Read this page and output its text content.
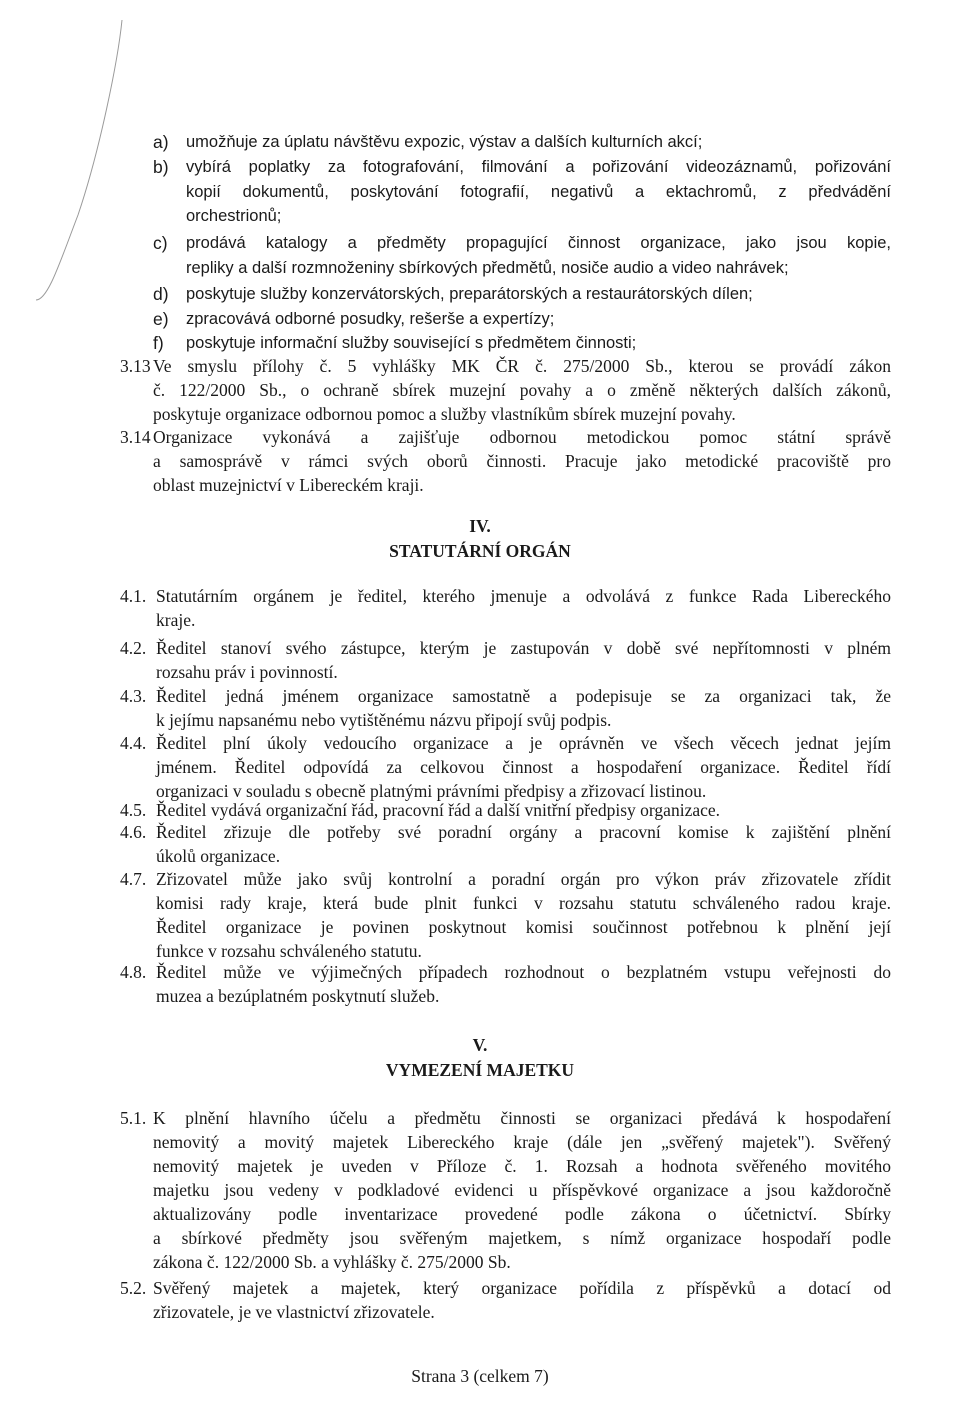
a) umožňuje za úplatu návštěvu expozic, výstav a dalších kulturních akcí;
b) vybírá poplatky za fotografování, filmování a pořizování videozáznamů, pořizování
kopií dokumentů, poskytování fotografií, negativů a ektachromů, z předvádění
orchestrionů;
c) prodává katalogy a předměty propagující činnost organizace, jako jsou kopie,
repliky a další rozmnoženiny sbírkových předmětů, nosiče audio a video nahrávek;
d) poskytuje služby konzervátorských, preparátorských a restaurátorských dílen;
e) zpracovává odborné posudky, rešerše a expertízy;
f) poskytuje informační služby související s předmětem činnosti;
3.13 Ve smyslu přílohy č. 5 vyhlášky MK ČR č. 275/2000 Sb., kterou se provádí zákon
č. 122/2000 Sb., o ochraně sbírek muzejní povahy a o změně některých dalších zákonů,
poskytuje organizace odbornou pomoc a služby vlastníkům sbírek muzejní povahy.
3.14 Organizace vykonává a zajišťuje odbornou metodickou pomoc státní správě
a samosprávě v rámci svých oborů činnosti. Pracuje jako metodické pracoviště pro
oblast muzejnictví v Libereckém kraji.
IV.
STATUTÁRNÍ ORGÁN
4.1. Statutárním orgánem je ředitel, kterého jmenuje a odvolává z funkce Rada Libereckého
kraje.
4.2. Ředitel stanoví svého zástupce, kterým je zastupován v době své nepřítomnosti v plném
rozsahu práv i povinností.
4.3. Ředitel jedná jménem organizace samostatně a podepisuje se za organizaci tak, že
k jejímu napsanému nebo vytištěnému názvu připojí svůj podpis.
4.4. Ředitel plní úkoly vedoucího organizace a je oprávněn ve všech věcech jednat jejím
jménem. Ředitel odpovídá za celkovou činnost a hospodaření organizace. Ředitel řídí
organizaci v souladu s obecně platnými právními předpisy a zřizovací listinou.
4.5. Ředitel vydává organizační řád, pracovní řád a další vnitřní předpisy organizace.
4.6. Ředitel zřizuje dle potřeby své poradní orgány a pracovní komise k zajištění plnění
úkolů organizace.
4.7. Zřizovatel může jako svůj kontrolní a poradní orgán pro výkon práv zřizovatele zřídit
komisi rady kraje, která bude plnit funkci v rozsahu statutu schváleného radou kraje.
Ředitel organizace je povinen poskytnout komisi součinnost potřebnou k plnění její
funkce v rozsahu schváleného statutu.
4.8. Ředitel může ve výjimečných případech rozhodnout o bezplatném vstupu veřejnosti do
muzea a bezúplatném poskytnutí služeb.
V.
VYMEZENÍ MAJETKU
5.1. K plnění hlavního účelu a předmětu činnosti se organizaci předává k hospodaření
nemovitý a movitý majetek Libereckého kraje (dále jen „svěřený majetek"). Svěřený
nemovitý majetek je uveden v Příloze č. 1. Rozsah a hodnota svěřeného movitého
majetku jsou vedeny v podkladové evidenci u příspěvkové organizace a jsou každoročně
aktualizovány podle inventarizace provedené podle zákona o účetnictví. Sbírky
a sbírkové předměty jsou svěřeným majetkem, s nímž organizace hospodaří podle
zákona č. 122/2000 Sb. a vyhlášky č. 275/2000 Sb.
5.2. Svěřený majetek a majetek, který organizace pořídila z příspěvků a dotací od
zřizovatele, je ve vlastnictví zřizovatele.
Strana 3 (celkem 7)
